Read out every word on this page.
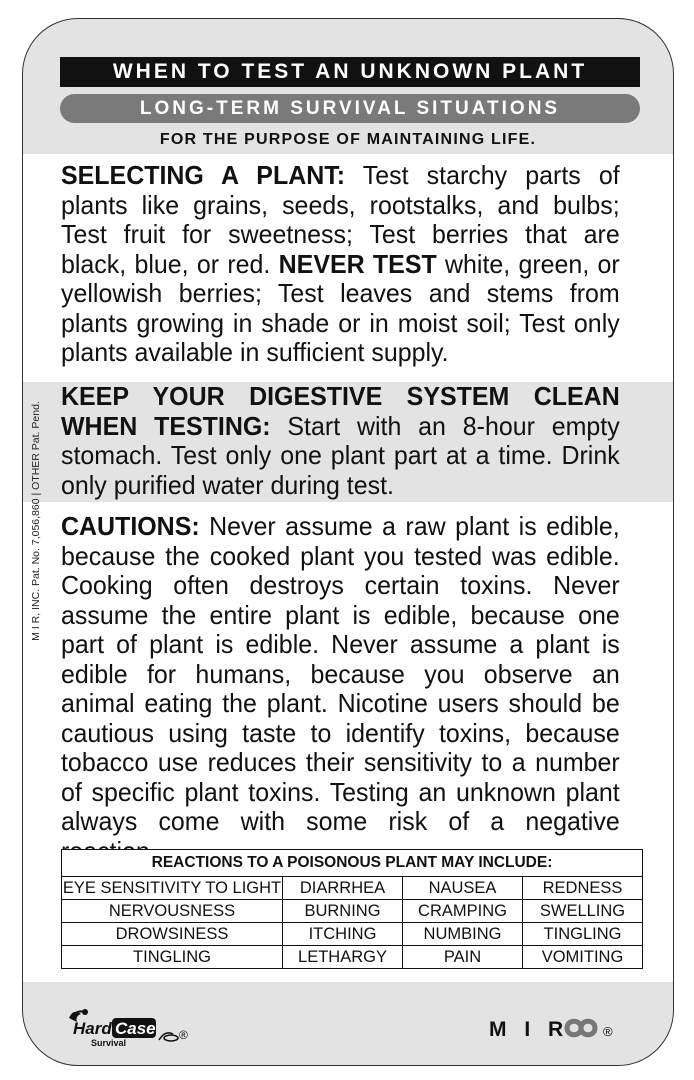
WHEN TO TEST AN UNKNOWN PLANT
LONG-TERM SURVIVAL SITUATIONS
FOR THE PURPOSE OF MAINTAINING LIFE.
SELECTING A PLANT: Test starchy parts of plants like grains, seeds, rootstalks, and bulbs; Test fruit for sweetness; Test berries that are black, blue, or red. NEVER TEST white, green, or yellowish berries; Test leaves and stems from plants growing in shade or in moist soil; Test only plants available in sufficient supply.
KEEP YOUR DIGESTIVE SYSTEM CLEAN WHEN TESTING: Start with an 8-hour empty stomach. Test only one plant part at a time. Drink only purified water during test.
CAUTIONS: Never assume a raw plant is edible, because the cooked plant you tested was edible. Cooking often destroys certain toxins. Never assume the entire plant is edible, because one part of plant is edible. Never assume a plant is edible for humans, because you observe an animal eating the plant. Nicotine users should be cautious using taste to identify toxins, because tobacco use reduces their sensitivity to a number of specific plant toxins. Testing an unknown plant always come with some risk of a negative
M I R, INC. Pat. No. 7,056,860 | OTHER Pat. Pend.
REACTIONS TO A POISONOUS PLANT MAY INCLUDE:			
EYE SENSITIVITY TO LIGHT	DIARRHEA	NAUSEA	REDNESS
NERVOUSNESS	BURNING	CRAMPING	SWELLING
DROWSINESS	ITCHING	NUMBING	TINGLING
TINGLING	LETHARGY	PAIN	VOMITING
Hard Case
Survival
®	M I R	®
